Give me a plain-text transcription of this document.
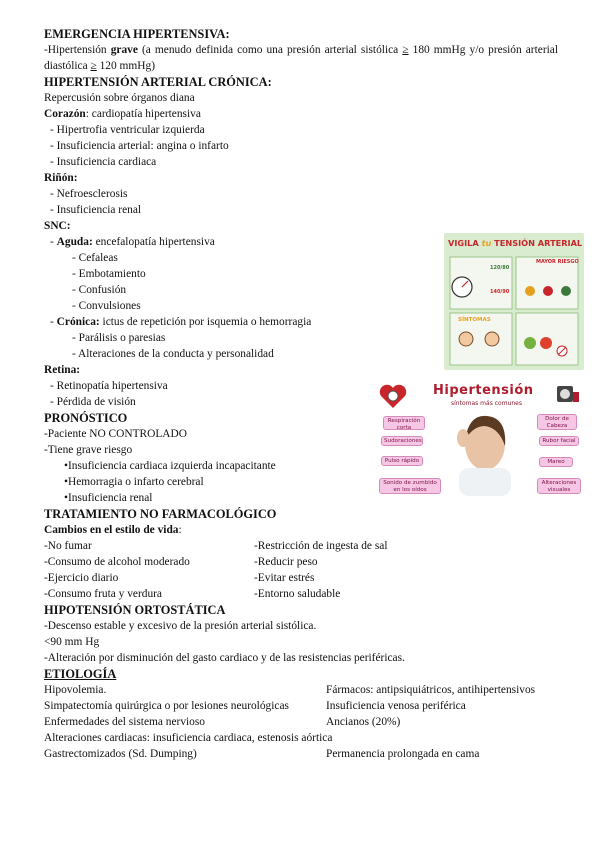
EMERGENCIA HIPERTENSIVA:
-Hipertensión grave (a menudo definida como una presión arterial sistólica ≥ 180 mmHg y/o presión arterial diastólica ≥ 120 mmHg)
HIPERTENSIÓN ARTERIAL CRÓNICA:
Repercusión sobre órganos diana
Corazón: cardiopatía hipertensiva
- Hipertrofia ventricular izquierda
- Insuficiencia arterial: angina o infarto
- Insuficiencia cardiaca
Riñón:
- Nefroesclerosis
- Insuficiencia renal
SNC:
- Aguda: encefalopatía hipertensiva
- Cefaleas
- Embotamiento
- Confusión
- Convulsiones
- Crónica: ictus de repetición por isquemia o hemorragia
- Parálisis o paresias
- Alteraciones de la conducta y personalidad
Retina:
- Retinopatía hipertensiva
- Pérdida de visión
PRONÓSTICO
-Paciente NO CONTROLADO
-Tiene grave riesgo
•Insuficiencia cardiaca izquierda incapacitante
•Hemorragia o infarto cerebral
•Insuficiencia renal
TRATAMIENTO NO FARMACOLÓGICO
Cambios en el estilo de vida:
-No fumar	-Restricción de ingesta de sal
-Consumo de alcohol moderado	-Reducir peso
-Ejercicio diario	-Evitar estrés
-Consumo fruta y verdura	-Entorno saludable
HIPOTENSIÓN ORTOSTÁTICA
-Descenso estable y excesivo de la presión arterial sistólica.
<90 mm Hg
-Alteración por disminución del gasto cardiaco y de las resistencias periféricas.
ETIOLOGÍA
Hipovolemia.	Fármacos: antipsiquiátricos, antihipertensivos
Simpatectomía quirúrgica o por lesiones neurológicas	Insuficiencia venosa periférica
Enfermedades del sistema nervioso	Ancianos (20%)
Alteraciones cardiacas: insuficiencia cardiaca, estenosis aórtica
Gastrectomizados (Sd. Dumping)	Permanencia prolongada en cama
VIGILA tu TENSIÓN ARTERIAL
MAYOR RIESGO
120/80
140/90
SÍNTOMAS
Hipertensión
síntomas más comunes
Respiración corta
Sudoraciones
Pulso rápido
Sonido de zumbido en los oídos
Dolor de Cabeza
Rubor facial
Mareo
Alteraciones visuales
